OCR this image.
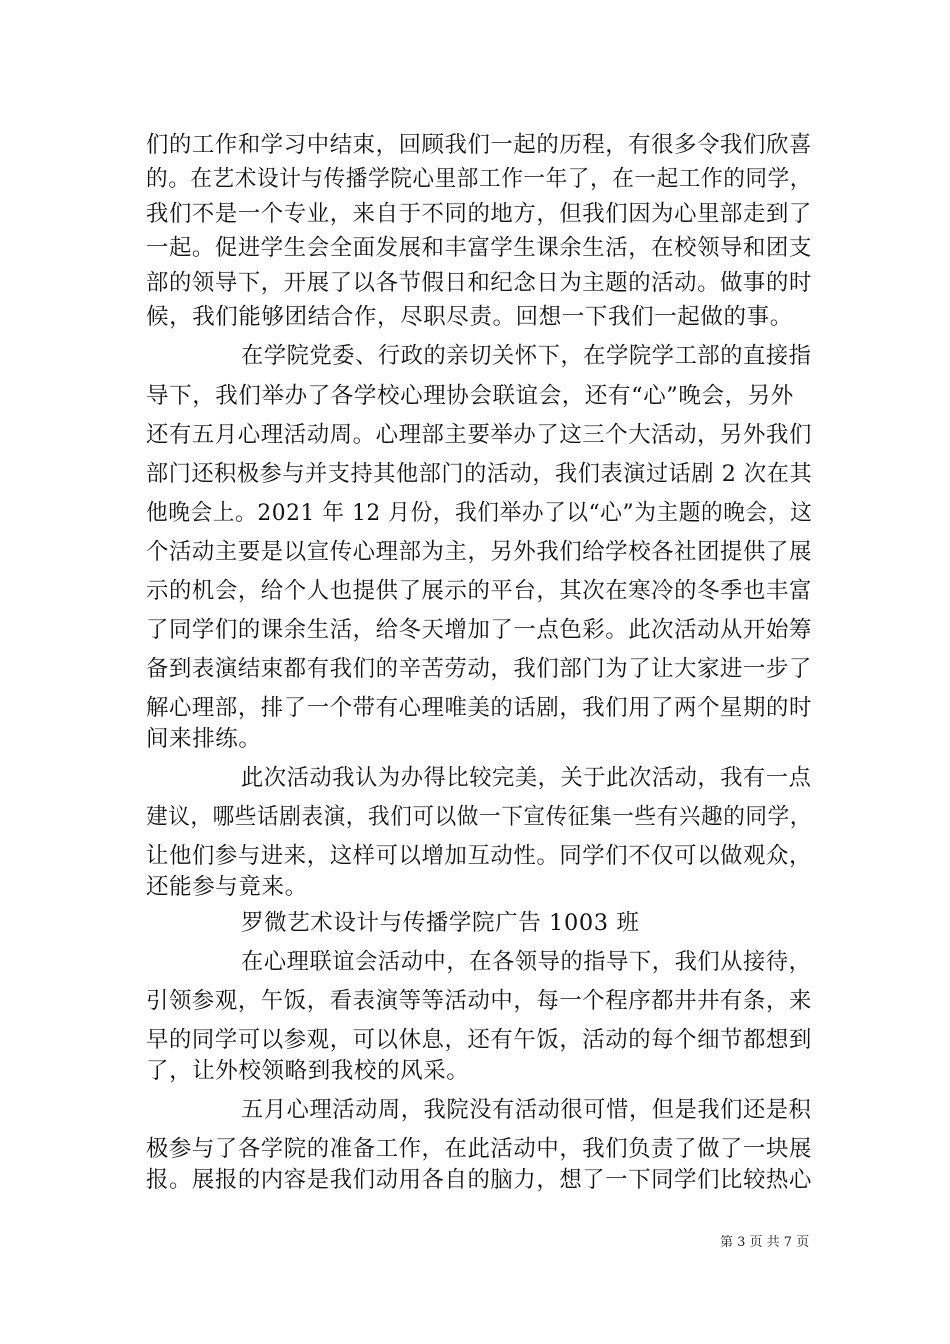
们的工作和学习中结束，回顾我们一起的历程，有很多令我们欣喜
的。在艺术设计与传播学院心里部工作一年了，在一起工作的同学，
我们不是一个专业，来自于不同的地方，但我们因为心里部走到了
一起。促进学生会全面发展和丰富学生课余生活，在校领导和团支
部的领导下，开展了以各节假日和纪念日为主题的活动。做事的时
候，我们能够团结合作，尽职尽责。回想一下我们一起做的事。
在学院党委、行政的亲切关怀下，在学院学工部的直接指
导下，我们举办了各学校心理协会联谊会，还有“心”晚会，另外
还有五月心理活动周。心理部主要举办了这三个大活动，另外我们
部门还积极参与并支持其他部门的活动，我们表演过话剧 2 次在其
他晚会上。2021 年 12 月份，我们举办了以“心”为主题的晚会，这
个活动主要是以宣传心理部为主，另外我们给学校各社团提供了展
示的机会，给个人也提供了展示的平台，其次在寒冷的冬季也丰富
了同学们的课余生活，给冬天增加了一点色彩。此次活动从开始筹
备到表演结束都有我们的辛苦劳动，我们部门为了让大家进一步了
解心理部，排了一个带有心理唯美的话剧，我们用了两个星期的时
间来排练。
此次活动我认为办得比较完美，关于此次活动，我有一点
建议，哪些话剧表演，我们可以做一下宣传征集一些有兴趣的同学，
让他们参与进来，这样可以增加互动性。同学们不仅可以做观众，
还能参与竟来。
罗微艺术设计与传播学院广告 1003 班
在心理联谊会活动中，在各领导的指导下，我们从接待，
引领参观，午饭，看表演等等活动中，每一个程序都井井有条，来
早的同学可以参观，可以休息，还有午饭，活动的每个细节都想到
了，让外校领略到我校的风采。
五月心理活动周，我院没有活动很可惜，但是我们还是积
极参与了各学院的准备工作，在此活动中，我们负责了做了一块展
报。展报的内容是我们动用各自的脑力，想了一下同学们比较热心
第 3 页 共 7 页
